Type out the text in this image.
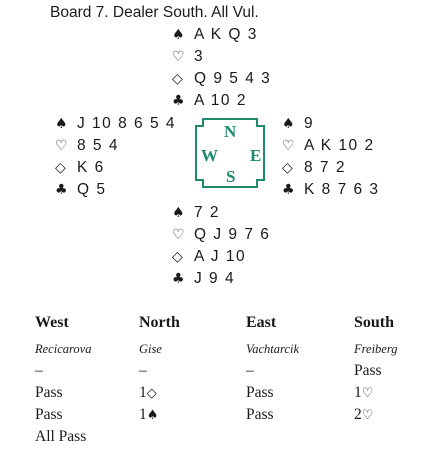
Board 7. Dealer South. All Vul.
♠ A K Q 3
♡ 3
◇ Q 9 5 4 3
♣ A 10 2
♠ J 10 8 6 5 4
♡ 8 5 4
◇ K 6
♣ Q 5
N
W E
S
♠ 9
♡ A K 10 2
◇ 8 7 2
♣ K 8 7 6 3
♠ 7 2
♡ Q J 9 7 6
◇ A J 10
♣ J 9 4
West
Recicarova
–
Pass
Pass
All Pass
North
Gise
–
1◇
1♠
East
Vachtarcik
–
Pass
Pass
South
Freiberg
Pass
1♡
2♡
